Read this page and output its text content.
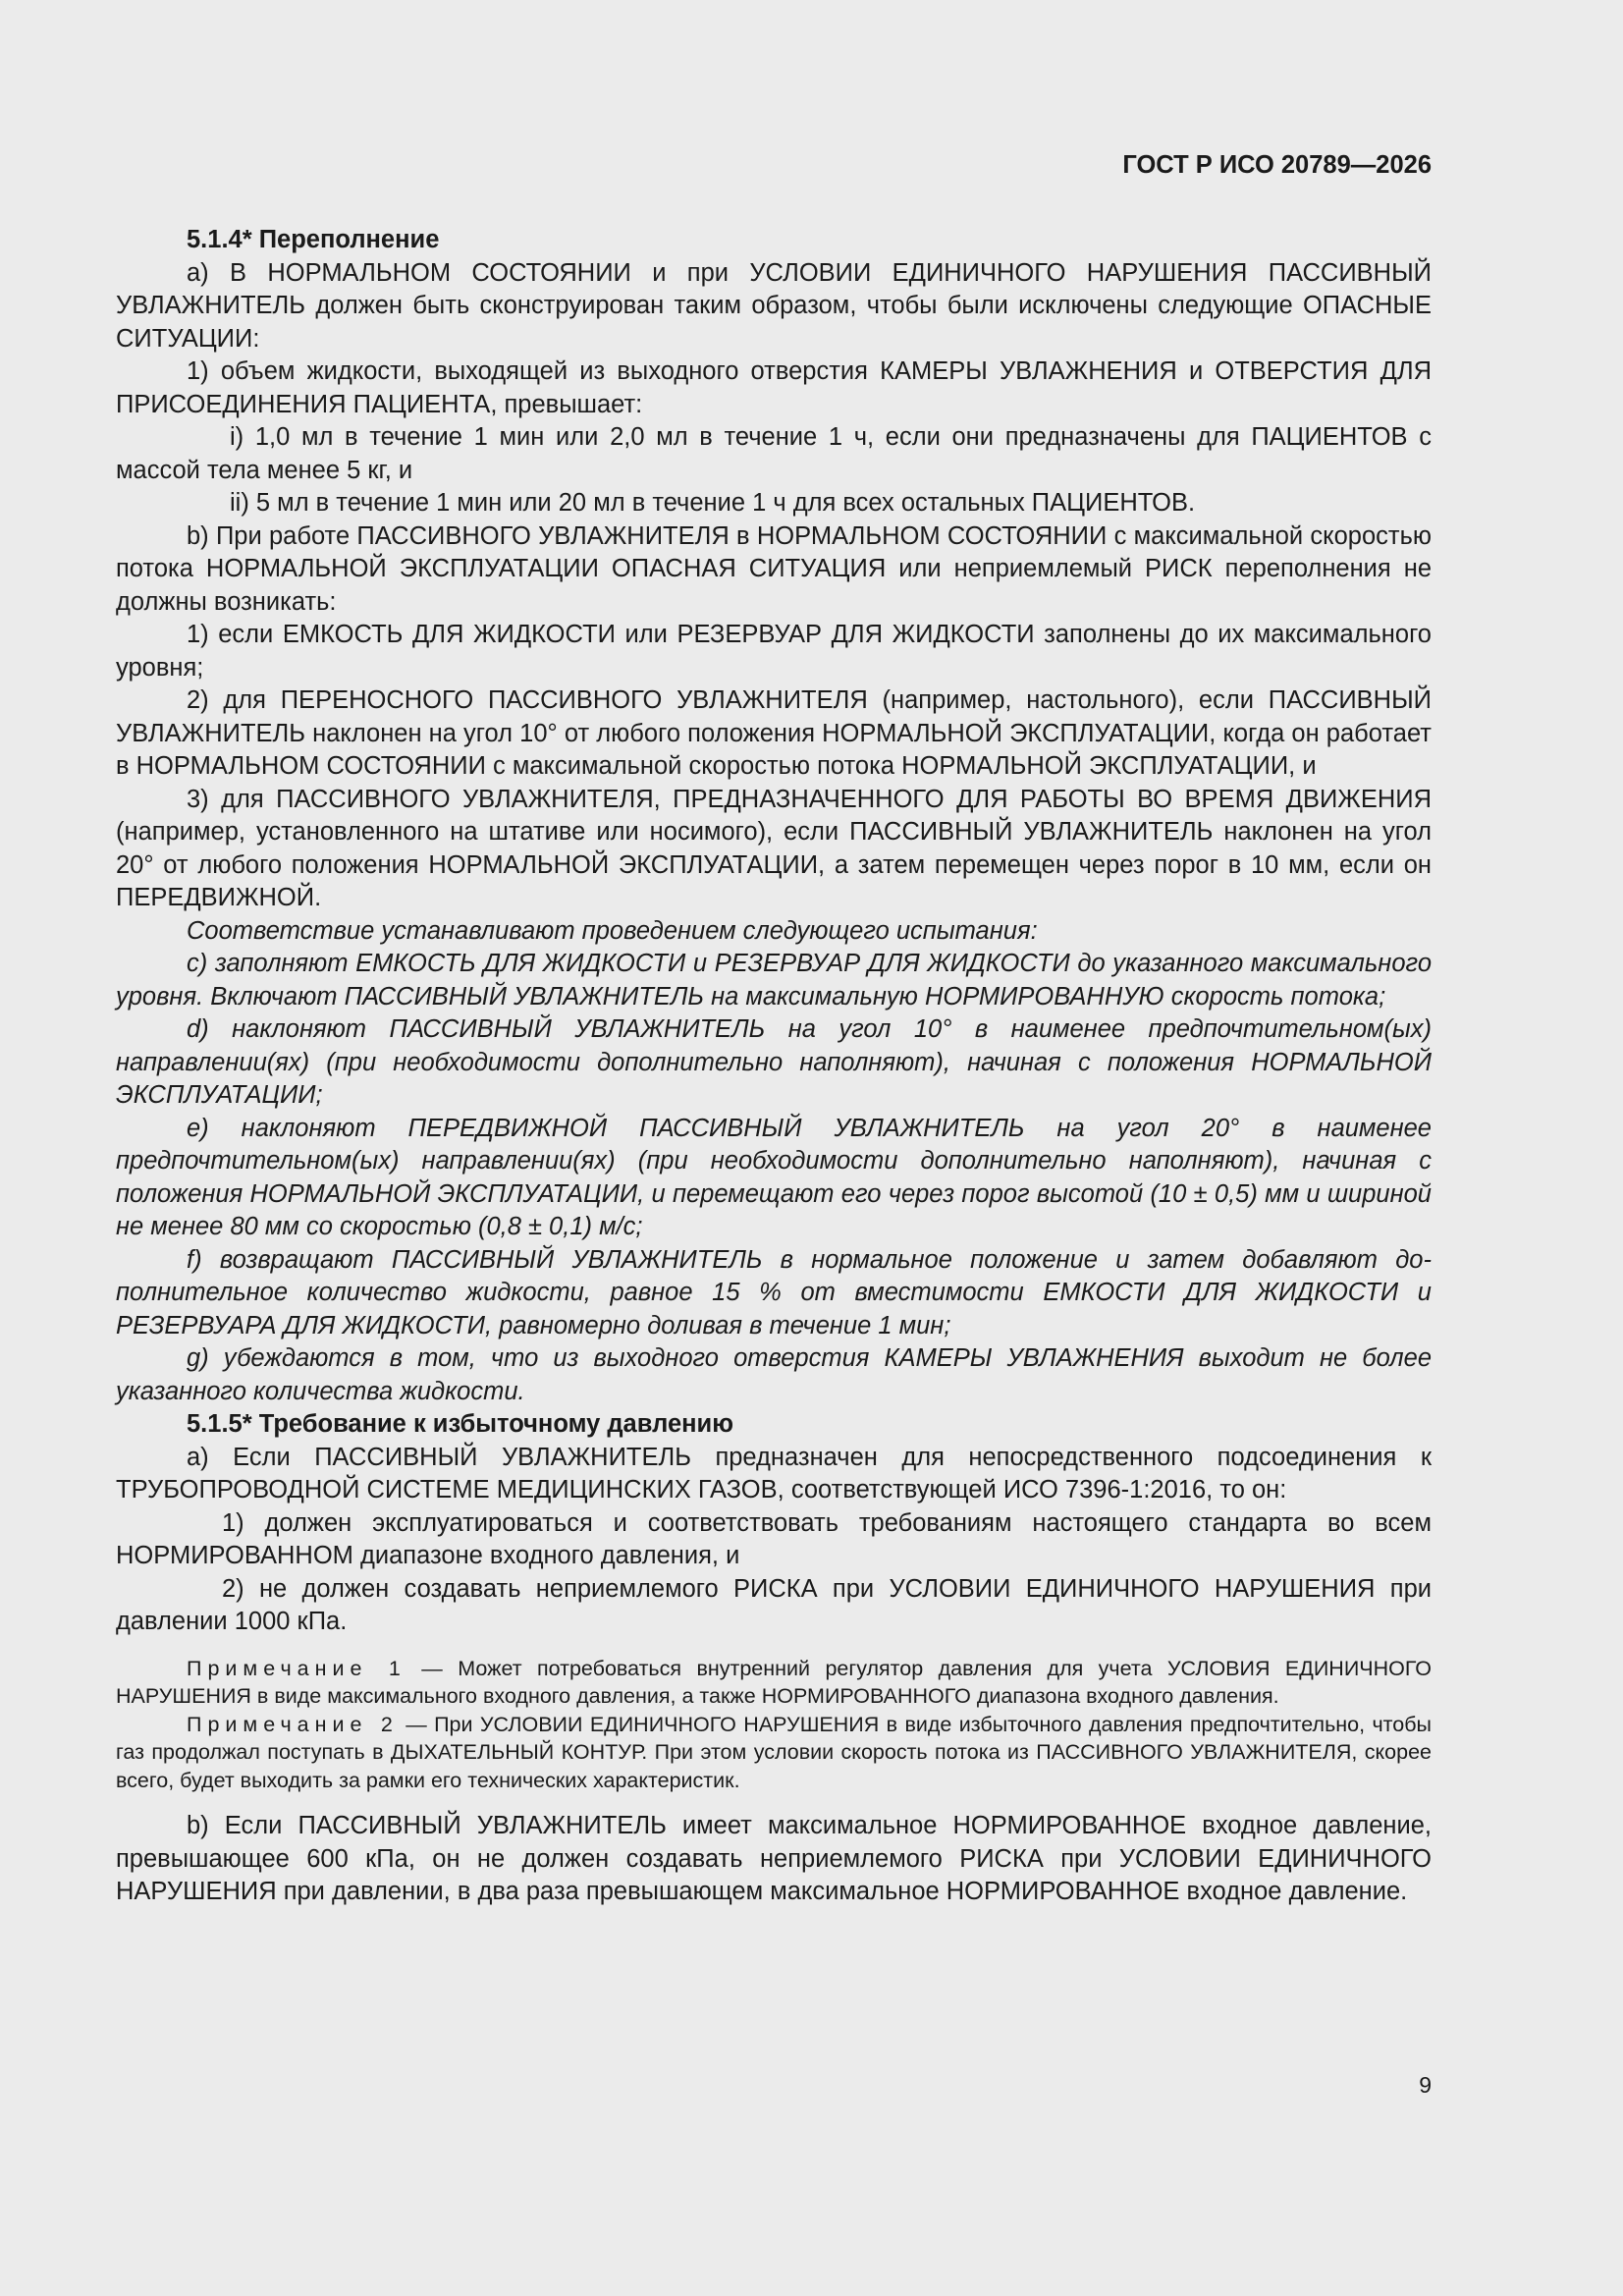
ГОСТ Р ИСО 20789—2026

5.1.4* Переполнение

а) В НОРМАЛЬНОМ СОСТОЯНИИ и при УСЛОВИИ ЕДИНИЧНОГО НАРУШЕНИЯ ПАССИВНЫЙ УВЛАЖНИТЕЛЬ должен быть сконструирован таким образом, чтобы были исключены следующие ОПАСНЫЕ СИТУАЦИИ:

1) объем жидкости, выходящей из выходного отверстия КАМЕРЫ УВЛАЖНЕНИЯ и ОТВЕРСТИЯ ДЛЯ ПРИСОЕДИНЕНИЯ ПАЦИЕНТА, превышает:

i) 1,0 мл в течение 1 мин или 2,0 мл в течение 1 ч, если они предназначены для ПАЦИЕНТОВ с массой тела менее 5 кг, и

ii) 5 мл в течение 1 мин или 20 мл в течение 1 ч для всех остальных ПАЦИЕНТОВ.

b) При работе ПАССИВНОГО УВЛАЖНИТЕЛЯ в НОРМАЛЬНОМ СОСТОЯНИИ с максимальной скоростью потока НОРМАЛЬНОЙ ЭКСПЛУАТАЦИИ ОПАСНАЯ СИТУАЦИЯ или неприемлемый РИСК переполнения не должны возникать:

1) если ЕМКОСТЬ ДЛЯ ЖИДКОСТИ или РЕЗЕРВУАР ДЛЯ ЖИДКОСТИ заполнены до их максимального уровня;

2) для ПЕРЕНОСНОГО ПАССИВНОГО УВЛАЖНИТЕЛЯ (например, настольного), если ПАССИВНЫЙ УВЛАЖНИТЕЛЬ наклонен на угол 10° от любого положения НОРМАЛЬНОЙ ЭКСПЛУАТАЦИИ, когда он работает в НОРМАЛЬНОМ СОСТОЯНИИ с максимальной скоростью потока НОРМАЛЬНОЙ ЭКСПЛУАТАЦИИ, и

3) для ПАССИВНОГО УВЛАЖНИТЕЛЯ, ПРЕДНАЗНАЧЕННОГО ДЛЯ РАБОТЫ ВО ВРЕМЯ ДВИЖЕНИЯ (например, установленного на штативе или носимого), если ПАССИВНЫЙ УВЛАЖНИТЕЛЬ наклонен на угол 20° от любого положения НОРМАЛЬНОЙ ЭКСПЛУАТАЦИИ, а затем перемещен через порог в 10 мм, если он ПЕРЕДВИЖНОЙ.

Соответствие устанавливают проведением следующего испытания:

с) заполняют ЕМКОСТЬ ДЛЯ ЖИДКОСТИ и РЕЗЕРВУАР ДЛЯ ЖИДКОСТИ до указанного максимального уровня. Включают ПАССИВНЫЙ УВЛАЖНИТЕЛЬ на максимальную НОРМИРОВАННУЮ скорость потока;

d) наклоняют ПАССИВНЫЙ УВЛАЖНИТЕЛЬ на угол 10° в наименее предпочтительном(ых) направлении(ях) (при необходимости дополнительно наполняют), начиная с положения НОРМАЛЬНОЙ ЭКСПЛУАТАЦИИ;

е) наклоняют ПЕРЕДВИЖНОЙ ПАССИВНЫЙ УВЛАЖНИТЕЛЬ на угол 20° в наименее предпочтительном(ых) направлении(ях) (при необходимости дополнительно наполняют), начиная с положения НОРМАЛЬНОЙ ЭКСПЛУАТАЦИИ, и перемещают его через порог высотой (10 ± 0,5) мм и шириной не менее 80 мм со скоростью (0,8 ± 0,1) м/с;

f) возвращают ПАССИВНЫЙ УВЛАЖНИТЕЛЬ в нормальное положение и затем добавляют дополнительное количество жидкости, равное 15 % от вместимости ЕМКОСТИ ДЛЯ ЖИДКОСТИ и РЕЗЕРВУАРА ДЛЯ ЖИДКОСТИ, равномерно доливая в течение 1 мин;

g) убеждаются в том, что из выходного отверстия КАМЕРЫ УВЛАЖНЕНИЯ выходит не более указанного количества жидкости.

5.1.5* Требование к избыточному давлению

а) Если ПАССИВНЫЙ УВЛАЖНИТЕЛЬ предназначен для непосредственного подсоединения к ТРУБОПРОВОДНОЙ СИСТЕМЕ МЕДИЦИНСКИХ ГАЗОВ, соответствующей ИСО 7396-1:2016, то он:

1) должен эксплуатироваться и соответствовать требованиям настоящего стандарта во всем НОРМИРОВАННОМ диапазоне входного давления, и

2) не должен создавать неприемлемого РИСКА при УСЛОВИИ ЕДИНИЧНОГО НАРУШЕНИЯ при давлении 1000 кПа.

Примечание 1 — Может потребоваться внутренний регулятор давления для учета УСЛОВИЯ ЕДИНИЧНОГО НАРУШЕНИЯ в виде максимального входного давления, а также НОРМИРОВАННОГО диапазона входного давления.

Примечание 2 — При УСЛОВИИ ЕДИНИЧНОГО НАРУШЕНИЯ в виде избыточного давления предпочтительно, чтобы газ продолжал поступать в ДЫХАТЕЛЬНЫЙ КОНТУР. При этом условии скорость потока из ПАССИВНОГО УВЛАЖНИТЕЛЯ, скорее всего, будет выходить за рамки его технических характеристик.

b) Если ПАССИВНЫЙ УВЛАЖНИТЕЛЬ имеет максимальное НОРМИРОВАННОЕ входное давление, превышающее 600 кПа, он не должен создавать неприемлемого РИСКА при УСЛОВИИ ЕДИНИЧНОГО НАРУШЕНИЯ при давлении, в два раза превышающем максимальное НОРМИРОВАННОЕ входное давление.

9
